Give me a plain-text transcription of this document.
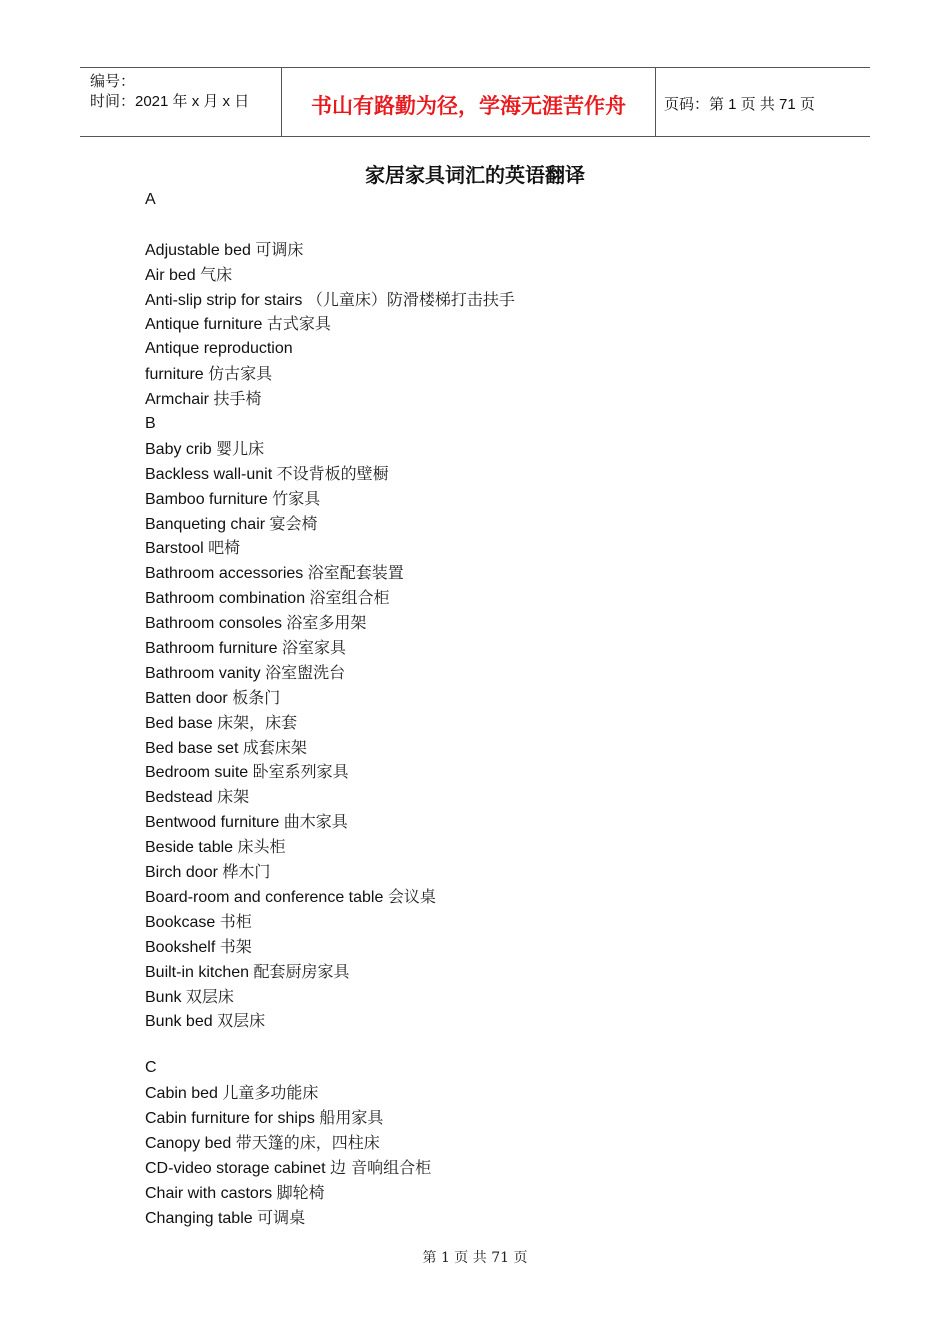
编号：
时间：2021 年 x 月 x 日	书山有路勤为径，学海无涯苦作舟	页码：第 1 页 共 71 页
家居家具词汇的英语翻译
A
Adjustable bed 可调床
Air bed 气床
Anti-slip strip for stairs （儿童床）防滑楼梯打击扶手
Antique furniture 古式家具
Antique reproduction
furniture 仿古家具
Armchair 扶手椅
B
Baby crib 婴儿床
Backless wall-unit 不设背板的壁橱
Bamboo furniture 竹家具
Banqueting chair 宴会椅
Barstool 吧椅
Bathroom accessories 浴室配套装置
Bathroom combination 浴室组合柜
Bathroom consoles 浴室多用架
Bathroom furniture 浴室家具
Bathroom vanity 浴室盥洗台
Batten door 板条门
Bed base 床架，床套
Bed base set 成套床架
Bedroom suite 卧室系列家具
Bedstead 床架
Bentwood furniture 曲木家具
Beside table 床头柜
Birch door 桦木门
Board-room and conference table 会议桌
Bookcase 书柜
Bookshelf 书架
Built-in kitchen 配套厨房家具
Bunk 双层床
Bunk bed 双层床
C
Cabin bed 儿童多功能床
Cabin furniture for ships 船用家具
Canopy bed 带天篷的床，四柱床
CD-video storage cabinet 边 音响组合柜
Chair with castors 脚轮椅
Changing table 可调桌
第 1 页 共 71 页
